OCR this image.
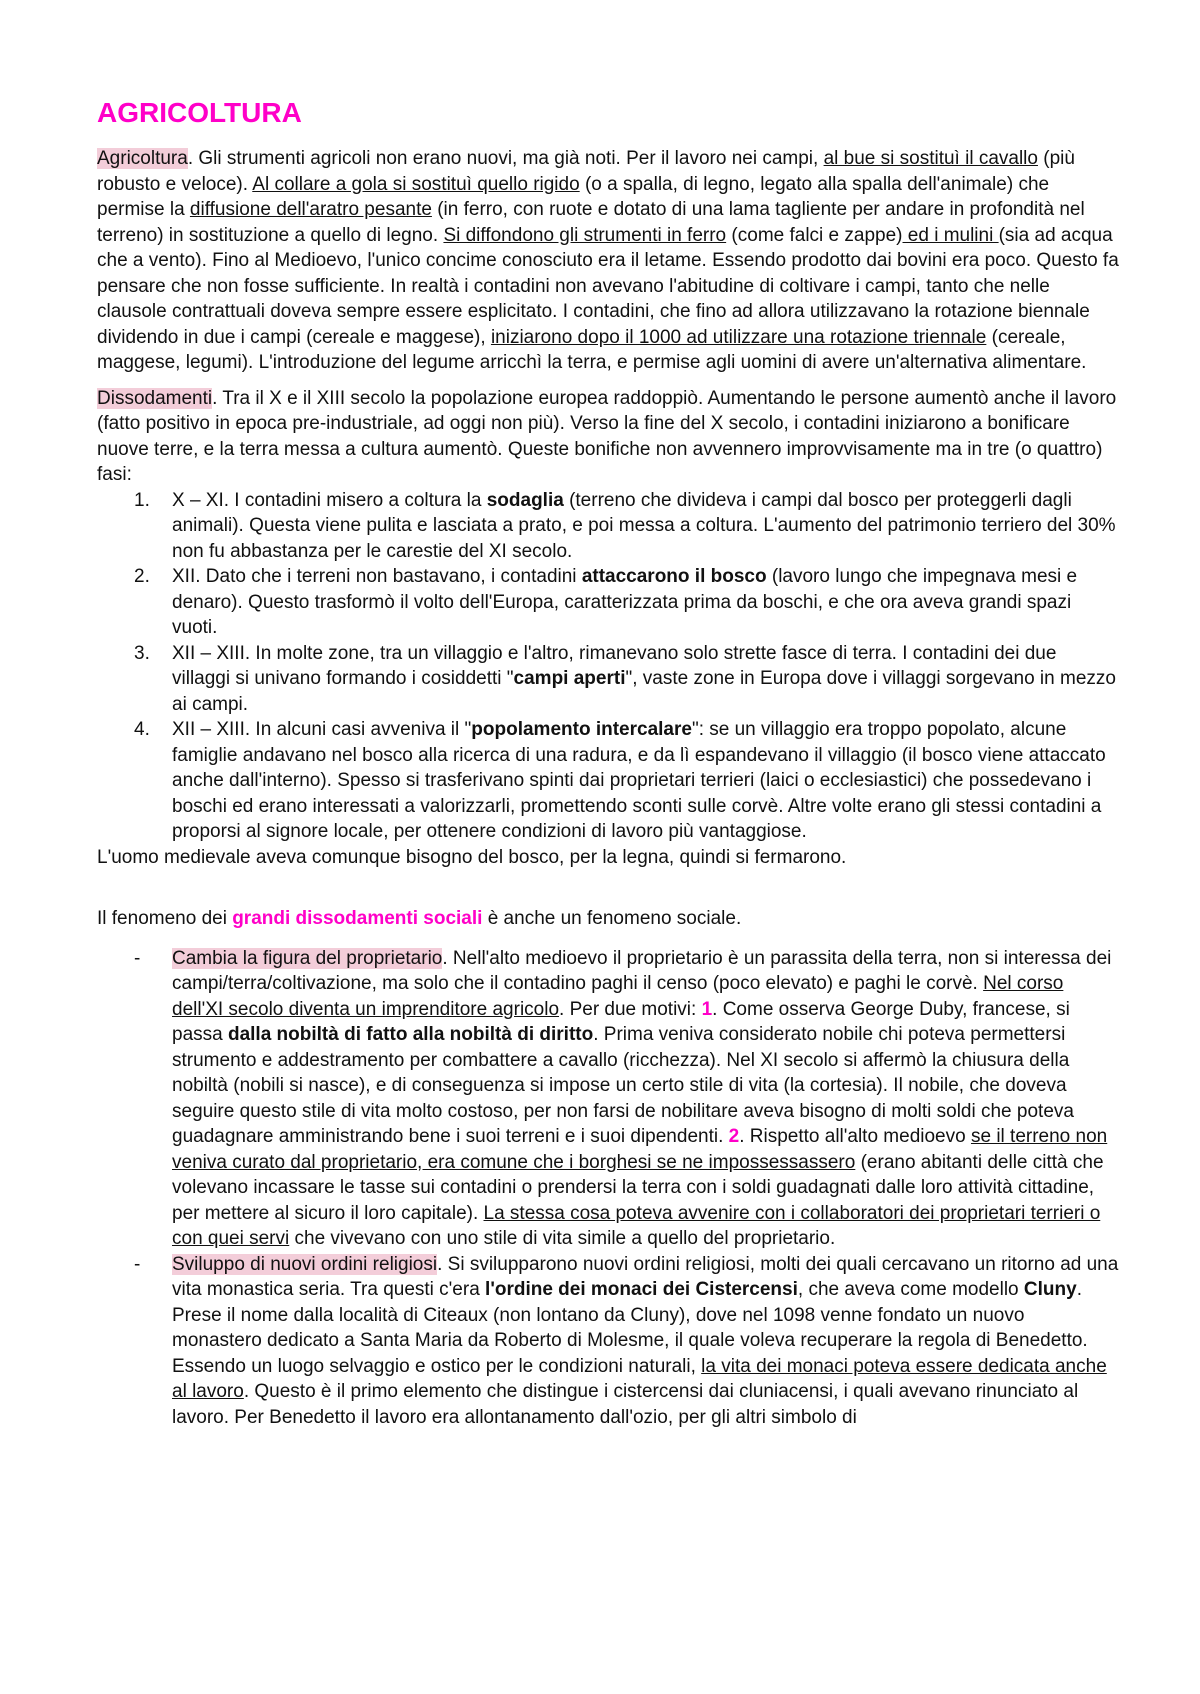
AGRICOLTURA

Agricoltura. Gli strumenti agricoli non erano nuovi, ma già noti. Per il lavoro nei campi, al bue si sostituì il cavallo (più robusto e veloce). Al collare a gola si sostituì quello rigido (o a spalla, di legno, legato alla spalla dell'animale) che permise la diffusione dell'aratro pesante (in ferro, con ruote e dotato di una lama tagliente per andare in profondità nel terreno) in sostituzione a quello di legno. Si diffondono gli strumenti in ferro (come falci e zappe) ed i mulini (sia ad acqua che a vento). Fino al Medioevo, l'unico concime conosciuto era il letame. Essendo prodotto dai bovini era poco. Questo fa pensare che non fosse sufficiente. In realtà i contadini non avevano l'abitudine di coltivare i campi, tanto che nelle clausole contrattuali doveva sempre essere esplicitato. I contadini, che fino ad allora utilizzavano la rotazione biennale dividendo in due i campi (cereale e maggese), iniziarono dopo il 1000 ad utilizzare una rotazione triennale (cereale, maggese, legumi). L'introduzione del legume arricchì la terra, e permise agli uomini di avere un'alternativa alimentare.

Dissodamenti. Tra il X e il XIII secolo la popolazione europea raddoppiò. Aumentando le persone aumentò anche il lavoro (fatto positivo in epoca pre-industriale, ad oggi non più). Verso la fine del X secolo, i contadini iniziarono a bonificare nuove terre, e la terra messa a cultura aumentò. Queste bonifiche non avvennero improvvisamente ma in tre (o quattro) fasi:

1. X – XI. I contadini misero a coltura la sodaglia (terreno che divideva i campi dal bosco per proteggerli dagli animali). Questa viene pulita e lasciata a prato, e poi messa a coltura. L'aumento del patrimonio terriero del 30% non fu abbastanza per le carestie del XI secolo.
2. XII. Dato che i terreni non bastavano, i contadini attaccarono il bosco (lavoro lungo che impegnava mesi e denaro). Questo trasformò il volto dell'Europa, caratterizzata prima da boschi, e che ora aveva grandi spazi vuoti.
3. XII – XIII. In molte zone, tra un villaggio e l'altro, rimanevano solo strette fasce di terra. I contadini dei due villaggi si univano formando i cosiddetti "campi aperti", vaste zone in Europa dove i villaggi sorgevano in mezzo ai campi.
4. XII – XIII. In alcuni casi avveniva il "popolamento intercalare": se un villaggio era troppo popolato, alcune famiglie andavano nel bosco alla ricerca di una radura, e da lì espandevano il villaggio (il bosco viene attaccato anche dall'interno). Spesso si trasferivano spinti dai proprietari terrieri (laici o ecclesiastici) che possedevano i boschi ed erano interessati a valorizzarli, promettendo sconti sulle corvè. Altre volte erano gli stessi contadini a proporsi al signore locale, per ottenere condizioni di lavoro più vantaggiose.

L'uomo medievale aveva comunque bisogno del bosco, per la legna, quindi si fermarono.

Il fenomeno dei grandi dissodamenti sociali è anche un fenomeno sociale.

- Cambia la figura del proprietario. Nell'alto medioevo il proprietario è un parassita della terra, non si interessa dei campi/terra/coltivazione, ma solo che il contadino paghi il censo (poco elevato) e paghi le corvè. Nel corso dell'XI secolo diventa un imprenditore agricolo. Per due motivi: 1. Come osserva George Duby, francese, si passa dalla nobiltà di fatto alla nobiltà di diritto. Prima veniva considerato nobile chi poteva permettersi strumento e addestramento per combattere a cavallo (ricchezza). Nel XI secolo si affermò la chiusura della nobiltà (nobili si nasce), e di conseguenza si impose un certo stile di vita (la cortesia). Il nobile, che doveva seguire questo stile di vita molto costoso, per non farsi de nobilitare aveva bisogno di molti soldi che poteva guadagnare amministrando bene i suoi terreni e i suoi dipendenti. 2. Rispetto all'alto medioevo se il terreno non veniva curato dal proprietario, era comune che i borghesi se ne impossessassero (erano abitanti delle città che volevano incassare le tasse sui contadini o prendersi la terra con i soldi guadagnati dalle loro attività cittadine, per mettere al sicuro il loro capitale). La stessa cosa poteva avvenire con i collaboratori dei proprietari terrieri o con quei servi che vivevano con uno stile di vita simile a quello del proprietario.
- Sviluppo di nuovi ordini religiosi. Si svilupparono nuovi ordini religiosi, molti dei quali cercavano un ritorno ad una vita monastica seria. Tra questi c'era l'ordine dei monaci dei Cistercensi, che aveva come modello Cluny. Prese il nome dalla località di Citeaux (non lontano da Cluny), dove nel 1098 venne fondato un nuovo monastero dedicato a Santa Maria da Roberto di Molesme, il quale voleva recuperare la regola di Benedetto. Essendo un luogo selvaggio e ostico per le condizioni naturali, la vita dei monaci poteva essere dedicata anche al lavoro. Questo è il primo elemento che distingue i cistercensi dai cluniacensi, i quali avevano rinunciato al lavoro. Per Benedetto il lavoro era allontanamento dall'ozio, per gli altri simbolo di
